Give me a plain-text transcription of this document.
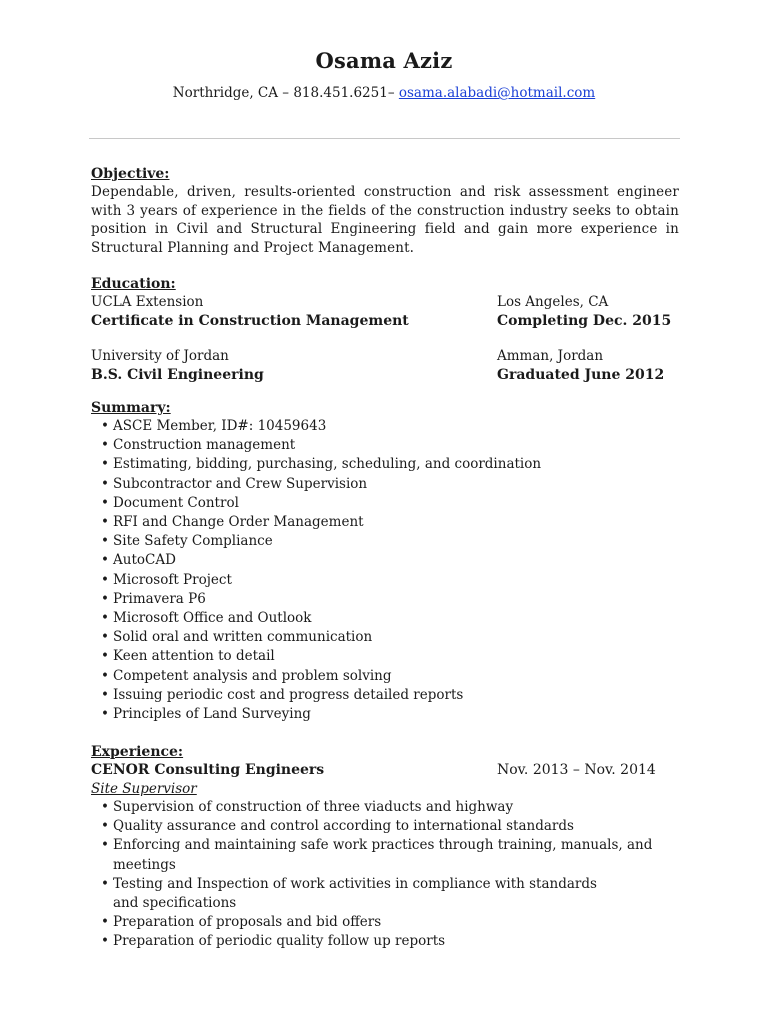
Osama Aziz
Northridge, CA – 818.451.6251– osama.alabadi@hotmail.com
Objective:
Dependable, driven, results-oriented construction and risk assessment engineer with 3 years of experience in the fields of the construction industry seeks to obtain position in Civil and Structural Engineering field and gain more experience in Structural Planning and Project Management.
Education:
UCLA Extension	Los Angeles, CA
Certificate in Construction Management	Completing Dec. 2015
University of Jordan	Amman, Jordan
B.S. Civil Engineering	Graduated June 2012
Summary:
• ASCE Member, ID#: 10459643
• Construction management
• Estimating, bidding, purchasing, scheduling, and coordination
• Subcontractor and Crew Supervision
• Document Control
• RFI and Change Order Management
• Site Safety Compliance
• AutoCAD
• Microsoft Project
• Primavera P6
• Microsoft Office and Outlook
• Solid oral and written communication
• Keen attention to detail
• Competent analysis and problem solving
• Issuing periodic cost and progress detailed reports
• Principles of Land Surveying
Experience:
CENOR Consulting Engineers	Nov. 2013 – Nov. 2014
Site Supervisor
• Supervision of construction of three viaducts and highway
• Quality assurance and control according to international standards
• Enforcing and maintaining safe work practices through training, manuals, and meetings
• Testing and Inspection of work activities in compliance with standards and specifications
• Preparation of proposals and bid offers
• Preparation of periodic quality follow up reports
